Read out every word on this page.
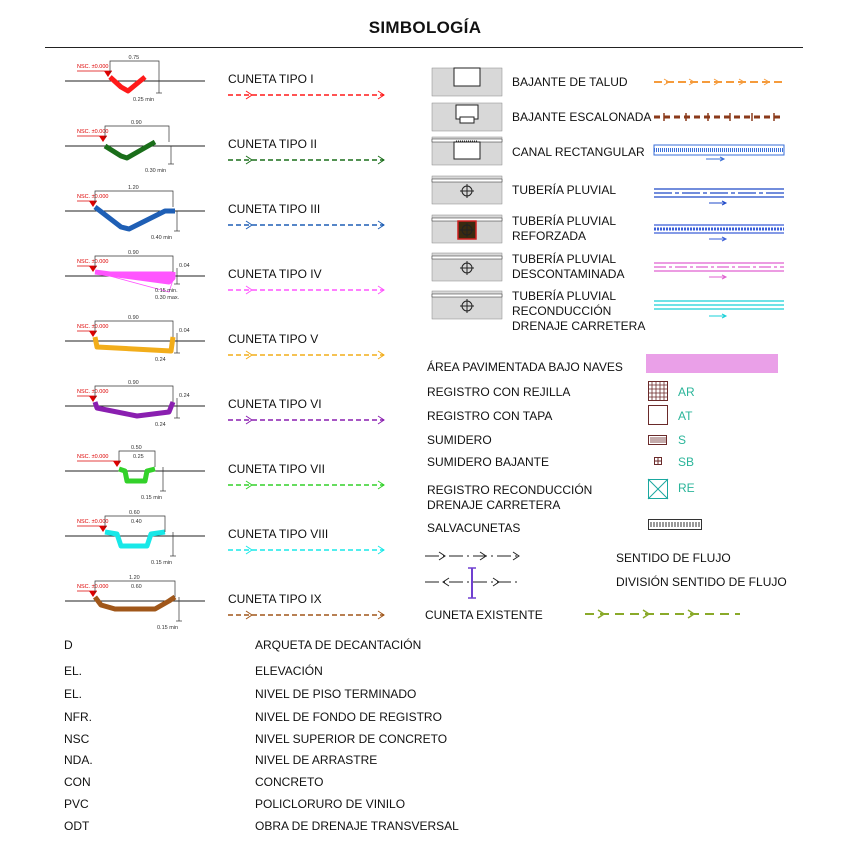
SIMBOLOGÍA
NSC. ±0.000
0.75
0.25 min
CUNETA TIPO I
NSC. ±0.000
0.90
0.30 min
CUNETA TIPO II
NSC. ±0.000
1.20
0.40 min
CUNETA TIPO III
NSC. ±0.000
0.90
0.04
0.15 min.
0.30 max.
CUNETA TIPO IV
NSC. ±0.000
0.90
0.04
0.24
CUNETA TIPO V
NSC. ±0.000
0.90
0.24
0.24
CUNETA TIPO VI
NSC. ±0.000
0.50
0.25
0.15 min
CUNETA TIPO VII
NSC. ±0.000
0.60
0.40
0.15 min
CUNETA TIPO VIII
NSC. ±0.000
1.20
0.60
0.15 min
CUNETA TIPO IX
BAJANTE DE TALUD
BAJANTE ESCALONADA
CANAL RECTANGULAR
TUBERÍA PLUVIAL
TUBERÍA PLUVIAL
REFORZADA
TUBERÍA PLUVIAL
DESCONTAMINADA
TUBERÍA PLUVIAL
RECONDUCCIÓN
DRENAJE CARRETERA
ÁREA PAVIMENTADA BAJO NAVES
REGISTRO CON REJILLA	AR
REGISTRO CON TAPA	AT
SUMIDERO	S
SUMIDERO BAJANTE	SB
REGISTRO RECONDUCCIÓN
DRENAJE CARRETERA
RE
SALVACUNETAS
SENTIDO DE FLUJO
DIVISIÓN SENTIDO DE FLUJO
CUNETA EXISTENTE
D	ARQUETA DE DECANTACIÓN
EL.	ELEVACIÓN
EL.	NIVEL DE PISO TERMINADO
NFR.	NIVEL DE FONDO DE REGISTRO
NSC	NIVEL SUPERIOR DE CONCRETO
NDA.	NIVEL DE ARRASTRE
CON	CONCRETO
PVC	POLICLORURO DE VINILO
ODT	OBRA DE DRENAJE TRANSVERSAL
